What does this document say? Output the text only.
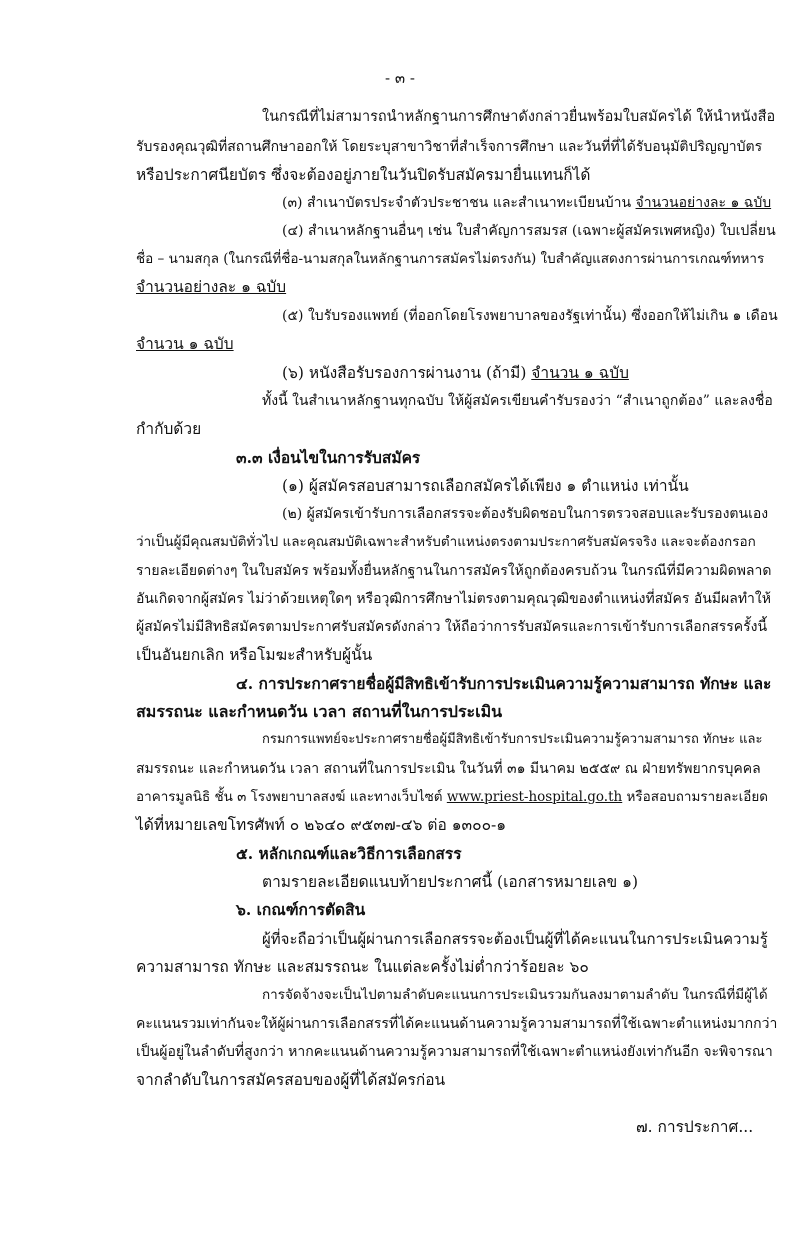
- ๓ -
ในกรณีที่ไม่สามารถนำหลักฐานการศึกษาดังกล่าวยื่นพร้อมใบสมัครได้ ให้นำหนังสือ
รับรองคุณวุฒิที่สถานศึกษาออกให้ โดยระบุสาขาวิชาที่สำเร็จการศึกษา และวันที่ที่ได้รับอนุมัติปริญญาบัตร
หรือประกาศนียบัตร ซึ่งจะต้องอยู่ภายในวันปิดรับสมัครมายื่นแทนก็ได้
(๓) สำเนาบัตรประจำตัวประชาชน และสำเนาทะเบียนบ้าน จำนวนอย่างละ ๑ ฉบับ
(๔) สำเนาหลักฐานอื่นๆ เช่น ใบสำคัญการสมรส (เฉพาะผู้สมัครเพศหญิง) ใบเปลี่ยน
ชื่อ – นามสกุล (ในกรณีที่ชื่อ-นามสกุลในหลักฐานการสมัครไม่ตรงกัน) ใบสำคัญแสดงการผ่านการเกณฑ์ทหาร
จำนวนอย่างละ ๑ ฉบับ
(๕) ใบรับรองแพทย์ (ที่ออกโดยโรงพยาบาลของรัฐเท่านั้น) ซึ่งออกให้ไม่เกิน ๑ เดือน
จำนวน ๑ ฉบับ
(๖) หนังสือรับรองการผ่านงาน (ถ้ามี) จำนวน ๑ ฉบับ
ทั้งนี้ ในสำเนาหลักฐานทุกฉบับ ให้ผู้สมัครเขียนคำรับรองว่า “สำเนาถูกต้อง” และลงชื่อ
กำกับด้วย
๓.๓ เงื่อนไขในการรับสมัคร
(๑) ผู้สมัครสอบสามารถเลือกสมัครได้เพียง ๑ ตำแหน่ง เท่านั้น
(๒) ผู้สมัครเข้ารับการเลือกสรรจะต้องรับผิดชอบในการตรวจสอบและรับรองตนเอง
ว่าเป็นผู้มีคุณสมบัติทั่วไป และคุณสมบัติเฉพาะสำหรับตำแหน่งตรงตามประกาศรับสมัครจริง และจะต้องกรอก
รายละเอียดต่างๆ ในใบสมัคร พร้อมทั้งยื่นหลักฐานในการสมัครให้ถูกต้องครบถ้วน ในกรณีที่มีความผิดพลาด
อันเกิดจากผู้สมัคร ไม่ว่าด้วยเหตุใดๆ หรือวุฒิการศึกษาไม่ตรงตามคุณวุฒิของตำแหน่งที่สมัคร อันมีผลทำให้
ผู้สมัครไม่มีสิทธิสมัครตามประกาศรับสมัครดังกล่าว ให้ถือว่าการรับสมัครและการเข้ารับการเลือกสรรครั้งนี้
เป็นอันยกเลิก หรือโมฆะสำหรับผู้นั้น
๔. การประกาศรายชื่อผู้มีสิทธิเข้ารับการประเมินความรู้ความสามารถ ทักษะ และ
สมรรถนะ และกำหนดวัน เวลา สถานที่ในการประเมิน
กรมการแพทย์จะประกาศรายชื่อผู้มีสิทธิเข้ารับการประเมินความรู้ความสามารถ ทักษะ และ
สมรรถนะ และกำหนดวัน เวลา สถานที่ในการประเมิน ในวันที่ ๓๑ มีนาคม ๒๕๕๙ ณ ฝ่ายทรัพยากรบุคคล
อาคารมูลนิธิ ชั้น ๓ โรงพยาบาลสงฆ์ และทางเว็บไซต์ www.priest-hospital.go.th หรือสอบถามรายละเอียด
ได้ที่หมายเลขโทรศัพท์ ๐ ๒๖๔๐ ๙๕๓๗-๔๖ ต่อ ๑๓๐๐-๑
๕. หลักเกณฑ์และวิธีการเลือกสรร
ตามรายละเอียดแนบท้ายประกาศนี้ (เอกสารหมายเลข ๑)
๖. เกณฑ์การตัดสิน
ผู้ที่จะถือว่าเป็นผู้ผ่านการเลือกสรรจะต้องเป็นผู้ที่ได้คะแนนในการประเมินความรู้
ความสามารถ ทักษะ และสมรรถนะ ในแต่ละครั้งไม่ต่ำกว่าร้อยละ ๖๐
การจัดจ้างจะเป็นไปตามลำดับคะแนนการประเมินรวมกันลงมาตามลำดับ ในกรณีที่มีผู้ได้
คะแนนรวมเท่ากันจะให้ผู้ผ่านการเลือกสรรที่ได้คะแนนด้านความรู้ความสามารถที่ใช้เฉพาะตำแหน่งมากกว่า
เป็นผู้อยู่ในลำดับที่สูงกว่า หากคะแนนด้านความรู้ความสามารถที่ใช้เฉพาะตำแหน่งยังเท่ากันอีก จะพิจารณา
จากลำดับในการสมัครสอบของผู้ที่ได้สมัครก่อน
๗. การประกาศ...
